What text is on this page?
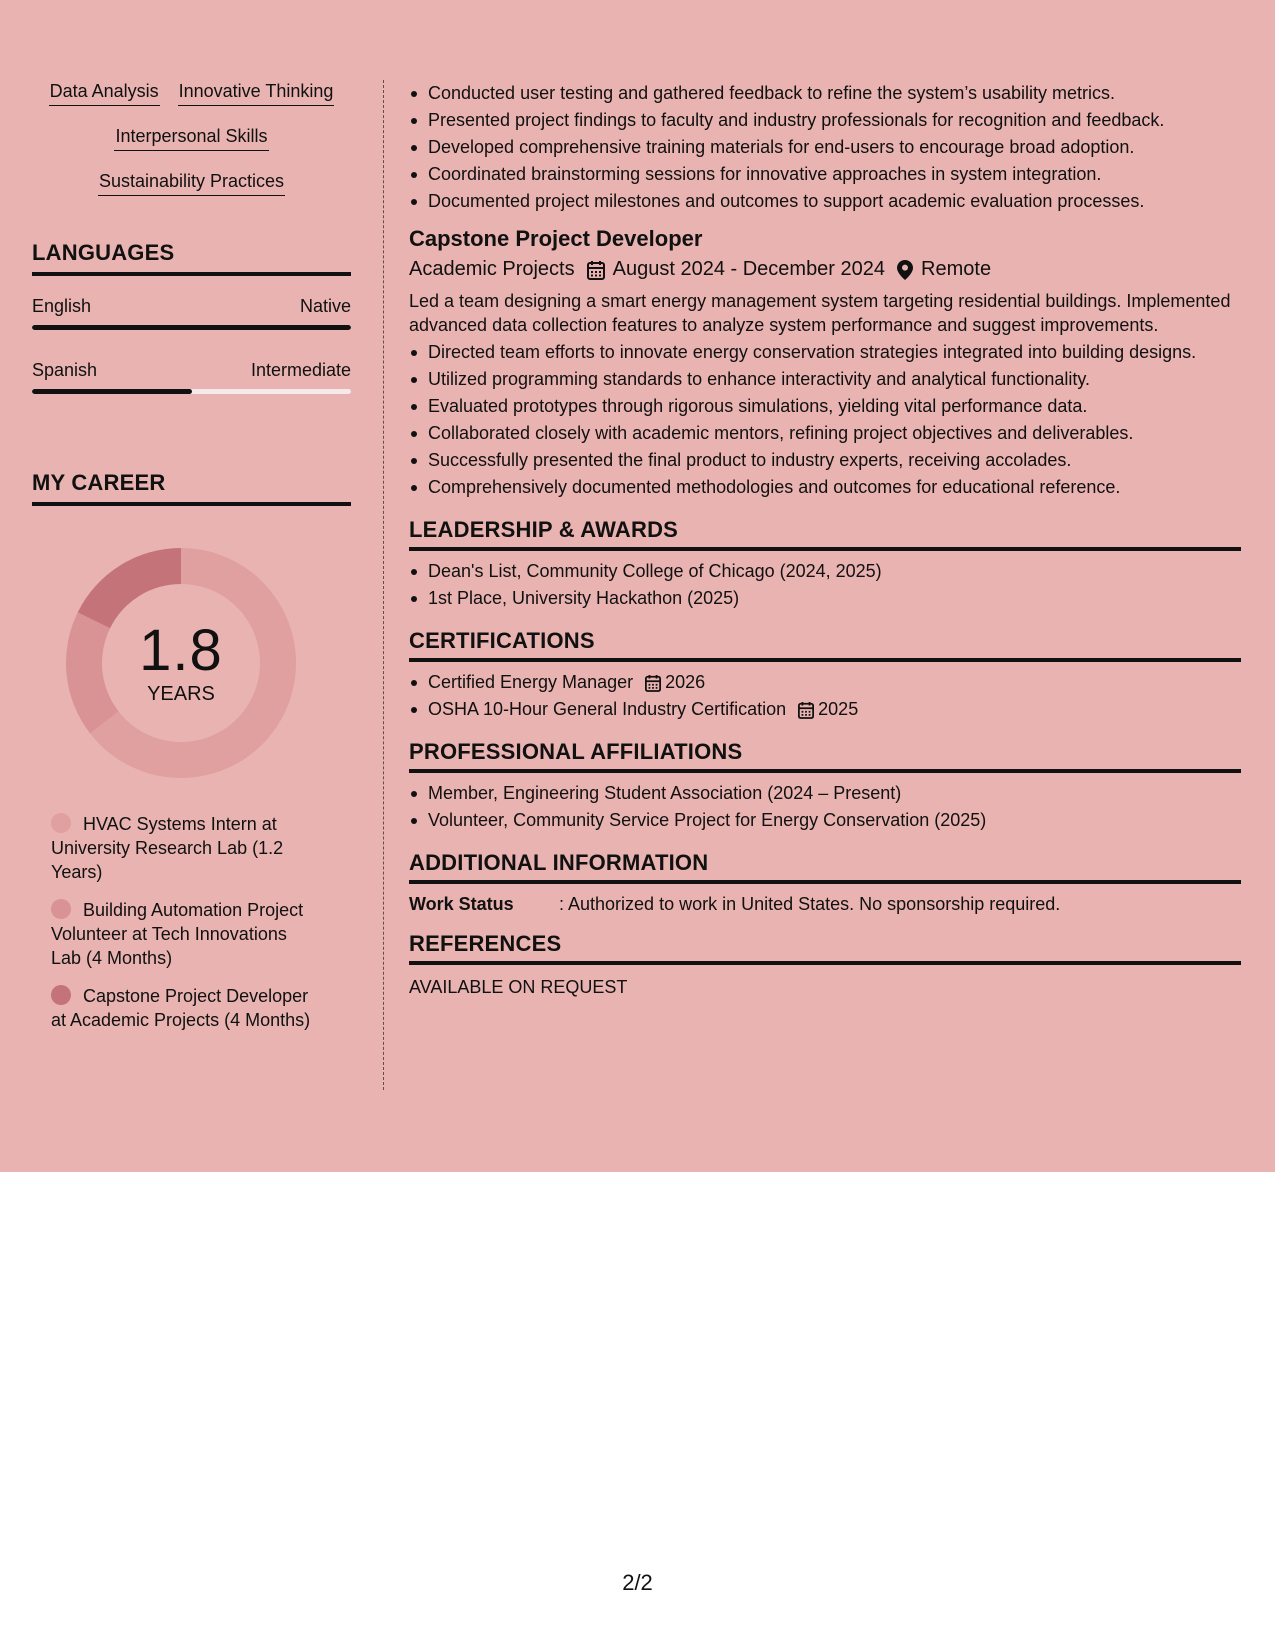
Data Analysis Innovative Thinking
Interpersonal Skills
Sustainability Practices
LANGUAGES
English	Native
Spanish	Intermediate
MY CAREER
1.8
YEARS
HVAC Systems Intern at University Research Lab (1.2 Years)
Building Automation Project Volunteer at Tech Innovations Lab (4 Months)
Capstone Project Developer at Academic Projects (4 Months)
Conducted user testing and gathered feedback to refine the system’s usability metrics.
Presented project findings to faculty and industry professionals for recognition and feedback.
Developed comprehensive training materials for end-users to encourage broad adoption.
Coordinated brainstorming sessions for innovative approaches in system integration.
Documented project milestones and outcomes to support academic evaluation processes.
Capstone Project Developer
Academic Projects August 2024 - December 2024 Remote
Led a team designing a smart energy management system targeting residential buildings. Implemented advanced data collection features to analyze system performance and suggest improvements.
Directed team efforts to innovate energy conservation strategies integrated into building designs.
Utilized programming standards to enhance interactivity and analytical functionality.
Evaluated prototypes through rigorous simulations, yielding vital performance data.
Collaborated closely with academic mentors, refining project objectives and deliverables.
Successfully presented the final product to industry experts, receiving accolades.
Comprehensively documented methodologies and outcomes for educational reference.
LEADERSHIP & AWARDS
Dean's List, Community College of Chicago (2024, 2025)
1st Place, University Hackathon (2025)
CERTIFICATIONS
Certified Energy Manager 2026
OSHA 10-Hour General Industry Certification 2025
PROFESSIONAL AFFILIATIONS
Member, Engineering Student Association (2024 – Present)
Volunteer, Community Service Project for Energy Conservation (2025)
ADDITIONAL INFORMATION
Work Status	: Authorized to work in United States. No sponsorship required.
REFERENCES
AVAILABLE ON REQUEST
2/2
